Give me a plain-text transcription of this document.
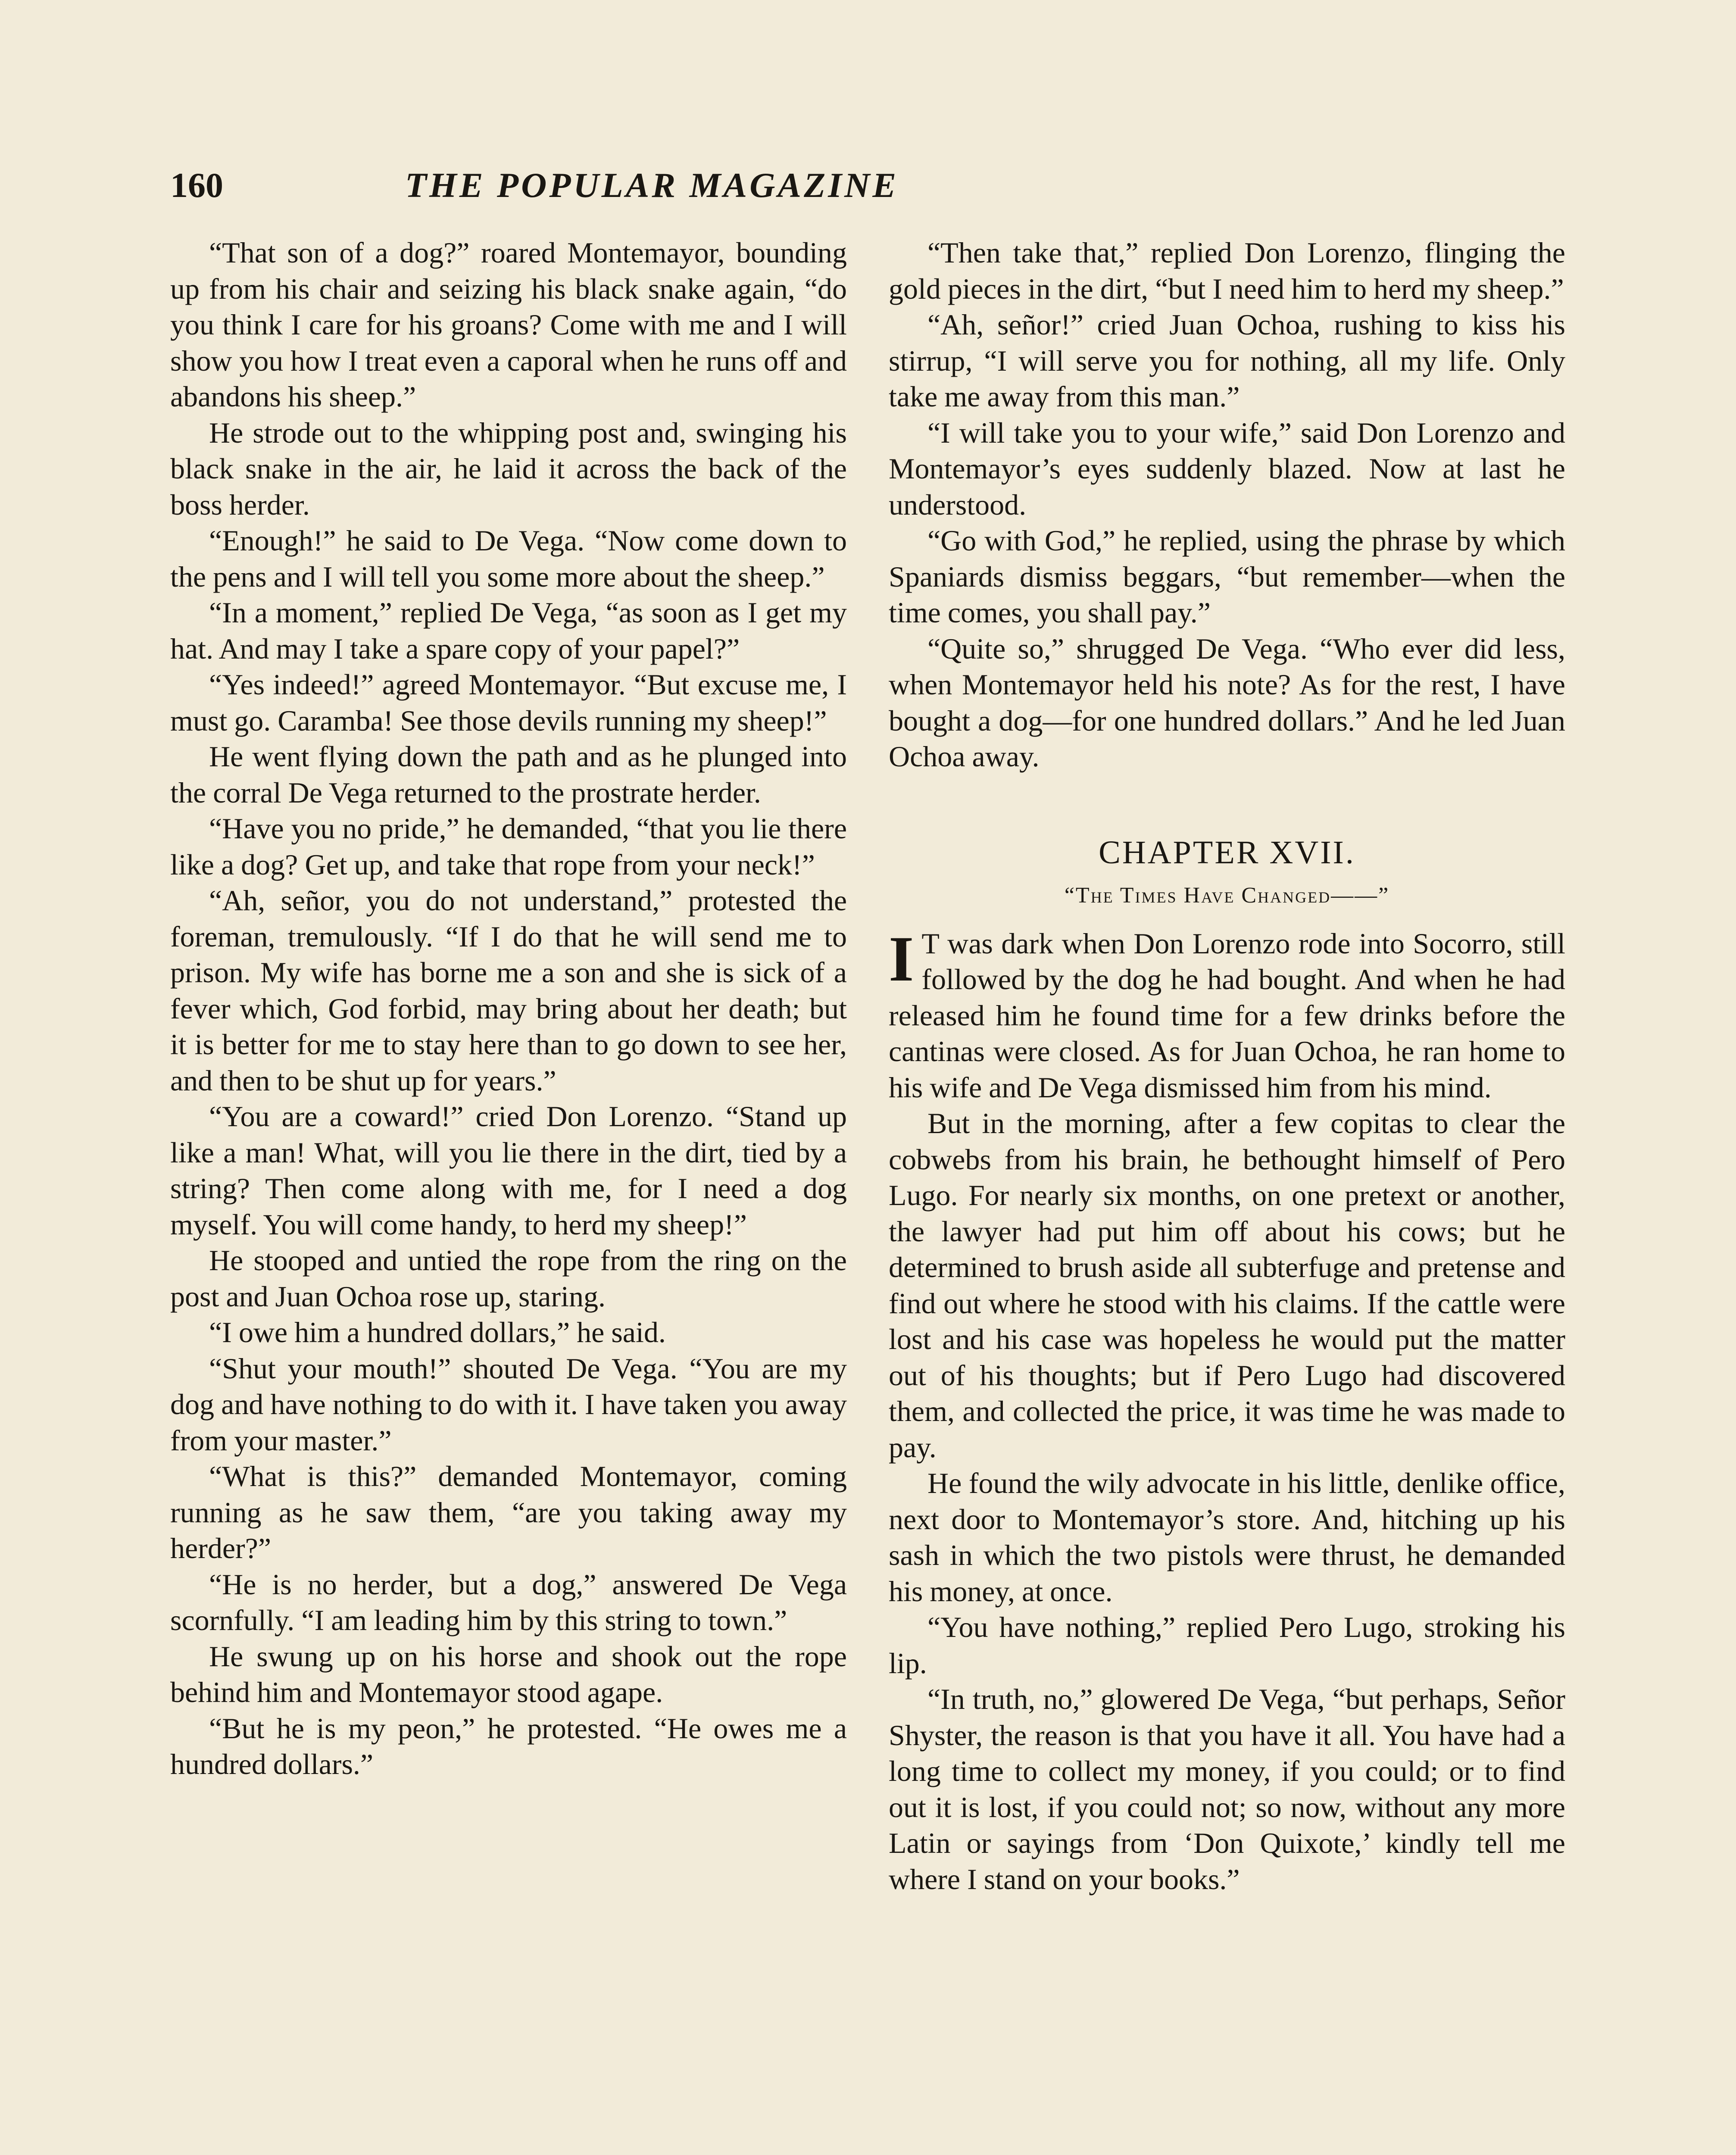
160	THE POPULAR MAGAZINE

“That son of a dog?” roared Montemayor, bounding up from his chair and seizing his black snake again, “do you think I care for his groans? Come with me and I will show you how I treat even a caporal when he runs off and abandons his sheep.”

He strode out to the whipping post and, swinging his black snake in the air, he laid it across the back of the boss herder.

“Enough!” he said to De Vega. “Now come down to the pens and I will tell you some more about the sheep.”

“In a moment,” replied De Vega, “as soon as I get my hat. And may I take a spare copy of your papel?”

“Yes indeed!” agreed Montemayor. “But excuse me, I must go. Caramba! See those devils running my sheep!”

He went flying down the path and as he plunged into the corral De Vega returned to the prostrate herder.

“Have you no pride,” he demanded, “that you lie there like a dog? Get up, and take that rope from your neck!”

“Ah, señor, you do not understand,” protested the foreman, tremulously. “If I do that he will send me to prison. My wife has borne me a son and she is sick of a fever which, God forbid, may bring about her death; but it is better for me to stay here than to go down to see her, and then to be shut up for years.”

“You are a coward!” cried Don Lorenzo. “Stand up like a man! What, will you lie there in the dirt, tied by a string? Then come along with me, for I need a dog myself. You will come handy, to herd my sheep!”

He stooped and untied the rope from the ring on the post and Juan Ochoa rose up, staring.

“I owe him a hundred dollars,” he said.

“Shut your mouth!” shouted De Vega. “You are my dog and have nothing to do with it. I have taken you away from your master.”

“What is this?” demanded Montemayor, coming running as he saw them, “are you taking away my herder?”

“He is no herder, but a dog,” answered De Vega scornfully. “I am leading him by this string to town.”

He swung up on his horse and shook out the rope behind him and Montemayor stood agape.

“But he is my peon,” he protested. “He owes me a hundred dollars.”

“Then take that,” replied Don Lorenzo, flinging the gold pieces in the dirt, “but I need him to herd my sheep.”

“Ah, señor!” cried Juan Ochoa, rushing to kiss his stirrup, “I will serve you for nothing, all my life. Only take me away from this man.”

“I will take you to your wife,” said Don Lorenzo and Montemayor’s eyes suddenly blazed. Now at last he understood.

“Go with God,” he replied, using the phrase by which Spaniards dismiss beggars, “but remember—when the time comes, you shall pay.”

“Quite so,” shrugged De Vega. “Who ever did less, when Montemayor held his note? As for the rest, I have bought a dog—for one hundred dollars.” And he led Juan Ochoa away.

CHAPTER XVII.
“The Times Have Changed——”

I T was dark when Don Lorenzo rode into Socorro, still followed by the dog he had bought. And when he had released him he found time for a few drinks before the cantinas were closed. As for Juan Ochoa, he ran home to his wife and De Vega dismissed him from his mind.

But in the morning, after a few copitas to clear the cobwebs from his brain, he bethought himself of Pero Lugo. For nearly six months, on one pretext or another, the lawyer had put him off about his cows; but he determined to brush aside all subterfuge and pretense and find out where he stood with his claims. If the cattle were lost and his case was hopeless he would put the matter out of his thoughts; but if Pero Lugo had discovered them, and collected the price, it was time he was made to pay.

He found the wily advocate in his little, denlike office, next door to Montemayor’s store. And, hitching up his sash in which the two pistols were thrust, he demanded his money, at once.

“You have nothing,” replied Pero Lugo, stroking his lip.

“In truth, no,” glowered De Vega, “but perhaps, Señor Shyster, the reason is that you have it all. You have had a long time to collect my money, if you could; or to find out it is lost, if you could not; so now, without any more Latin or sayings from ‘Don Quixote,’ kindly tell me where I stand on your books.”
